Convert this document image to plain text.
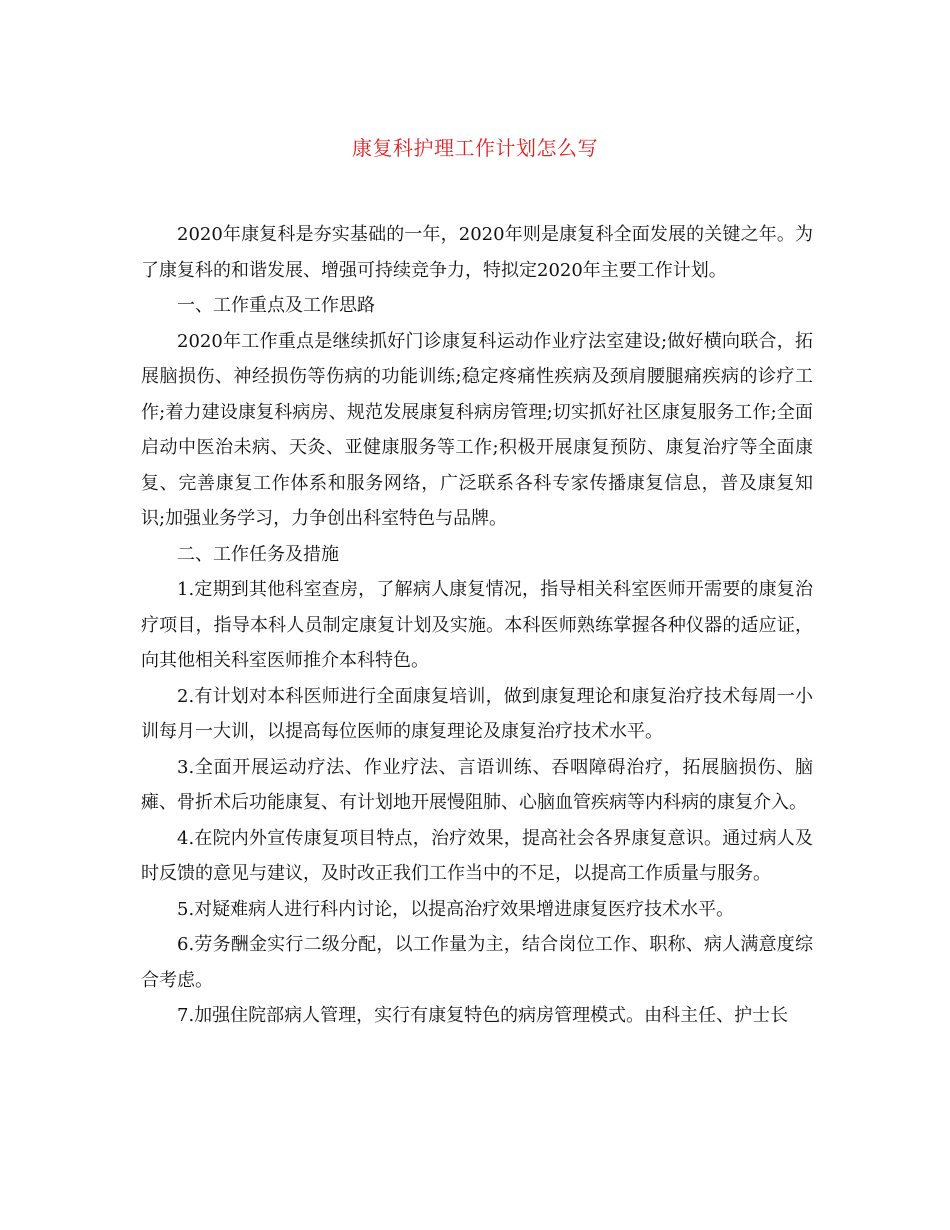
康复科护理工作计划怎么写

2020年康复科是夯实基础的一年，2020年则是康复科全面发展的关键之年。为了康复科的和谐发展、增强可持续竞争力，特拟定2020年主要工作计划。

一、工作重点及工作思路

2020年工作重点是继续抓好门诊康复科运动作业疗法室建设;做好横向联合，拓展脑损伤、神经损伤等伤病的功能训练;稳定疼痛性疾病及颈肩腰腿痛疾病的诊疗工作;着力建设康复科病房、规范发展康复科病房管理;切实抓好社区康复服务工作;全面启动中医治未病、天灸、亚健康服务等工作;积极开展康复预防、康复治疗等全面康复、完善康复工作体系和服务网络，广泛联系各科专家传播康复信息，普及康复知识;加强业务学习，力争创出科室特色与品牌。

二、工作任务及措施

1.定期到其他科室查房，了解病人康复情况，指导相关科室医师开需要的康复治疗项目，指导本科人员制定康复计划及实施。本科医师熟练掌握各种仪器的适应证，向其他相关科室医师推介本科特色。

2.有计划对本科医师进行全面康复培训，做到康复理论和康复治疗技术每周一小训每月一大训，以提高每位医师的康复理论及康复治疗技术水平。

3.全面开展运动疗法、作业疗法、言语训练、吞咽障碍治疗，拓展脑损伤、脑瘫、骨折术后功能康复、有计划地开展慢阻肺、心脑血管疾病等内科病的康复介入。

4.在院内外宣传康复项目特点，治疗效果，提高社会各界康复意识。通过病人及时反馈的意见与建议，及时改正我们工作当中的不足，以提高工作质量与服务。

5.对疑难病人进行科内讨论，以提高治疗效果增进康复医疗技术水平。

6.劳务酬金实行二级分配，以工作量为主，结合岗位工作、职称、病人满意度综合考虑。

7.加强住院部病人管理，实行有康复特色的病房管理模式。由科主任、护士长
